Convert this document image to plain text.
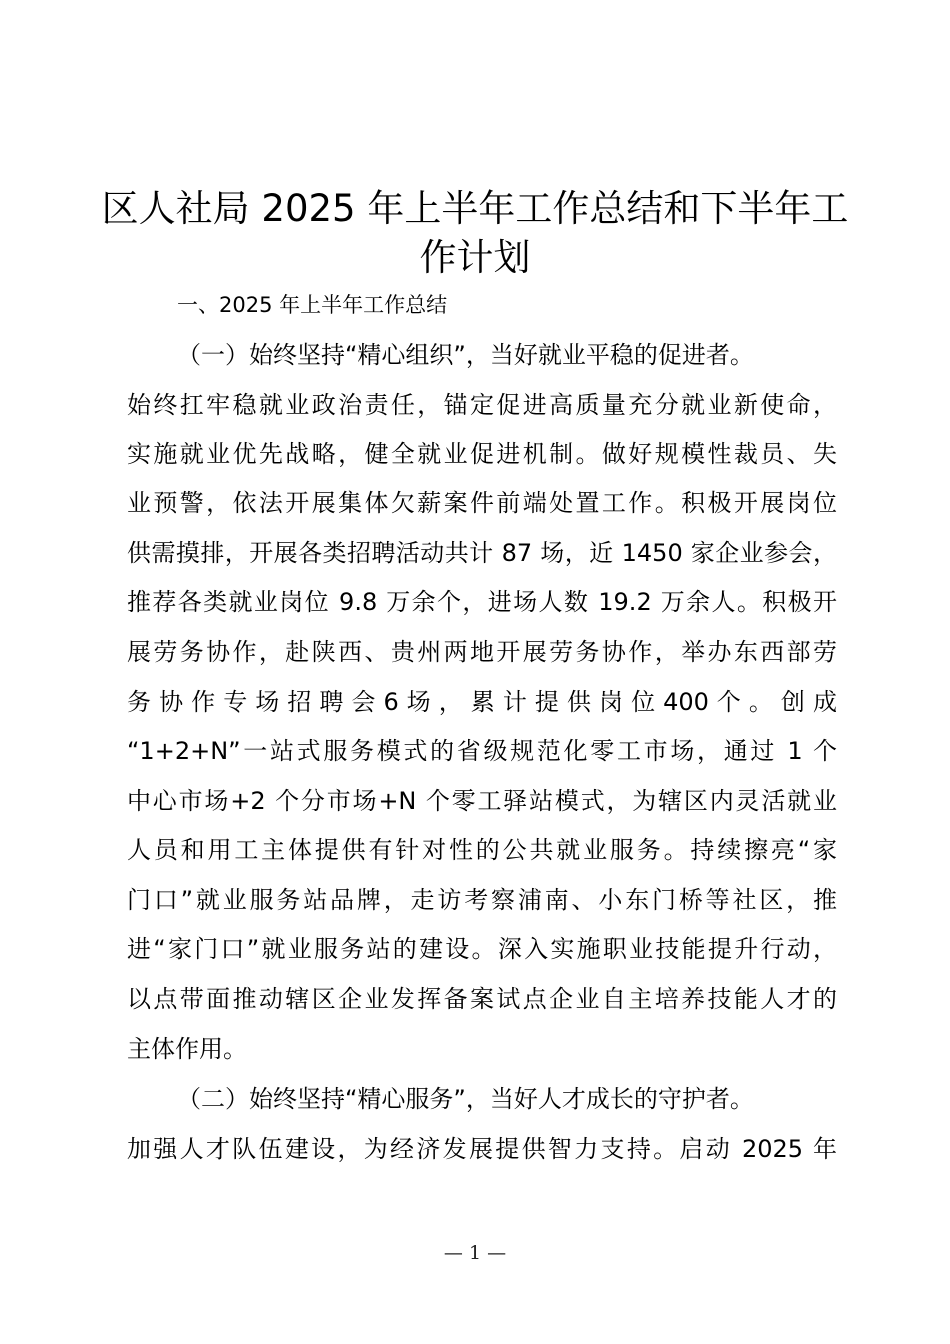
区人社局 2025 年上半年工作总结和下半年工
作计划
一、2025 年上半年工作总结
（一）始终坚持“精心组织”，当好就业平稳的促进者。
始终扛牢稳就业政治责任，锚定促进高质量充分就业新使命，
实施就业优先战略，健全就业促进机制。做好规模性裁员、失
业预警，依法开展集体欠薪案件前端处置工作。积极开展岗位
供需摸排，开展各类招聘活动共计 87 场，近 1450 家企业参会，
推荐各类就业岗位 9.8 万余个，进场人数 19.2 万余人。积极开
展劳务协作，赴陕西、贵州两地开展劳务协作，举办东西部劳
务 协 作 专 场 招 聘 会 6 场 ， 累 计 提 供 岗 位 400 个 。 创 成
“1+2+N”一站式服务模式的省级规范化零工市场，通过 1 个
中心市场+2 个分市场+N 个零工驿站模式，为辖区内灵活就业
人员和用工主体提供有针对性的公共就业服务。持续擦亮“家
门口”就业服务站品牌，走访考察浦南、小东门桥等社区，推
进“家门口”就业服务站的建设。深入实施职业技能提升行动，
以点带面推动辖区企业发挥备案试点企业自主培养技能人才的
主体作用。
（二）始终坚持“精心服务”，当好人才成长的守护者。
加强人才队伍建设，为经济发展提供智力支持。启动 2025 年
— 1 —
